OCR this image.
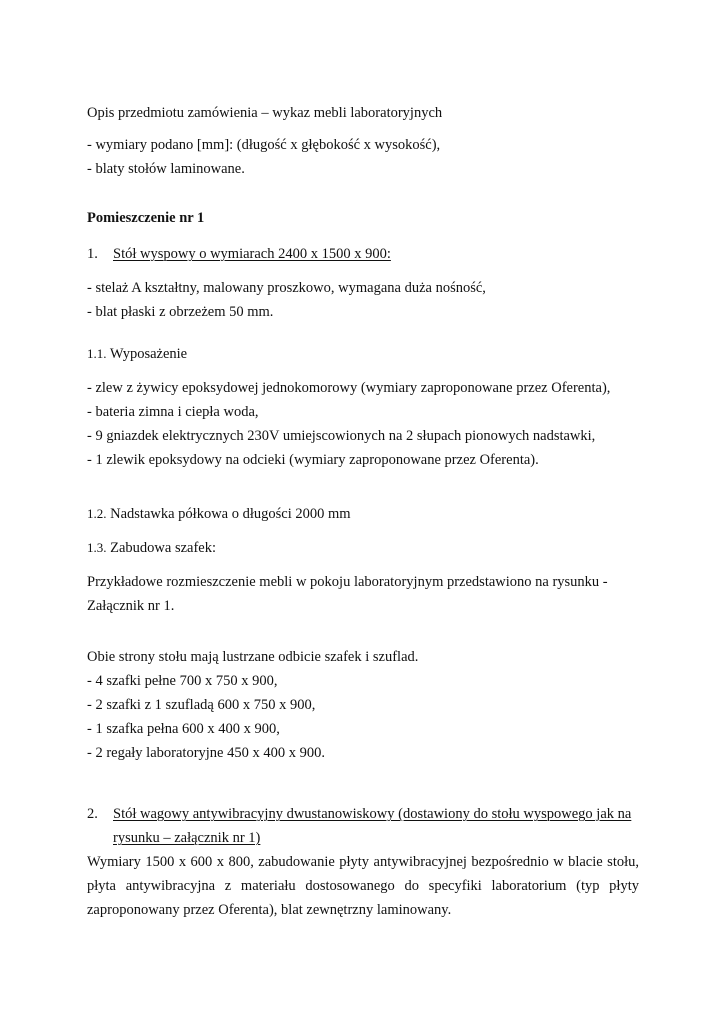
Opis przedmiotu zamówienia – wykaz mebli laboratoryjnych
- wymiary podano [mm]: (długość x głębokość x wysokość),
- blaty stołów laminowane.
Pomieszczenie nr 1
1. Stół wyspowy o wymiarach 2400 x 1500 x 900:
- stelaż A kształtny, malowany proszkowo, wymagana duża nośność,
- blat płaski z obrzeżem 50 mm.
1.1. Wyposażenie
- zlew z żywicy epoksydowej jednokomorowy (wymiary zaproponowane przez Oferenta),
- bateria zimna i ciepła woda,
- 9 gniazdek elektrycznych 230V umiejscowionych na 2 słupach pionowych nadstawki,
- 1 zlewik epoksydowy na odcieki (wymiary zaproponowane przez Oferenta).
1.2. Nadstawka półkowa o długości 2000 mm
1.3. Zabudowa szafek:
Przykładowe rozmieszczenie mebli w pokoju laboratoryjnym przedstawiono na rysunku -
Załącznik nr 1.
Obie strony stołu mają lustrzane odbicie szafek i szuflad.
- 4 szafki pełne 700 x 750 x 900,
- 2 szafki z 1 szufladą 600 x 750 x 900,
- 1 szafka pełna 600 x 400 x 900,
- 2 regały laboratoryjne 450 x 400 x 900.
2. Stół wagowy antywibracyjny dwustanowiskowy (dostawiony do stołu wyspowego jak na
rysunku – załącznik nr 1)
Wymiary 1500 x 600 x 800, zabudowanie płyty antywibracyjnej bezpośrednio w blacie stołu, płyta antywibracyjna z materiału dostosowanego do specyfiki laboratorium (typ płyty zaproponowany przez Oferenta), blat zewnętrzny laminowany.
